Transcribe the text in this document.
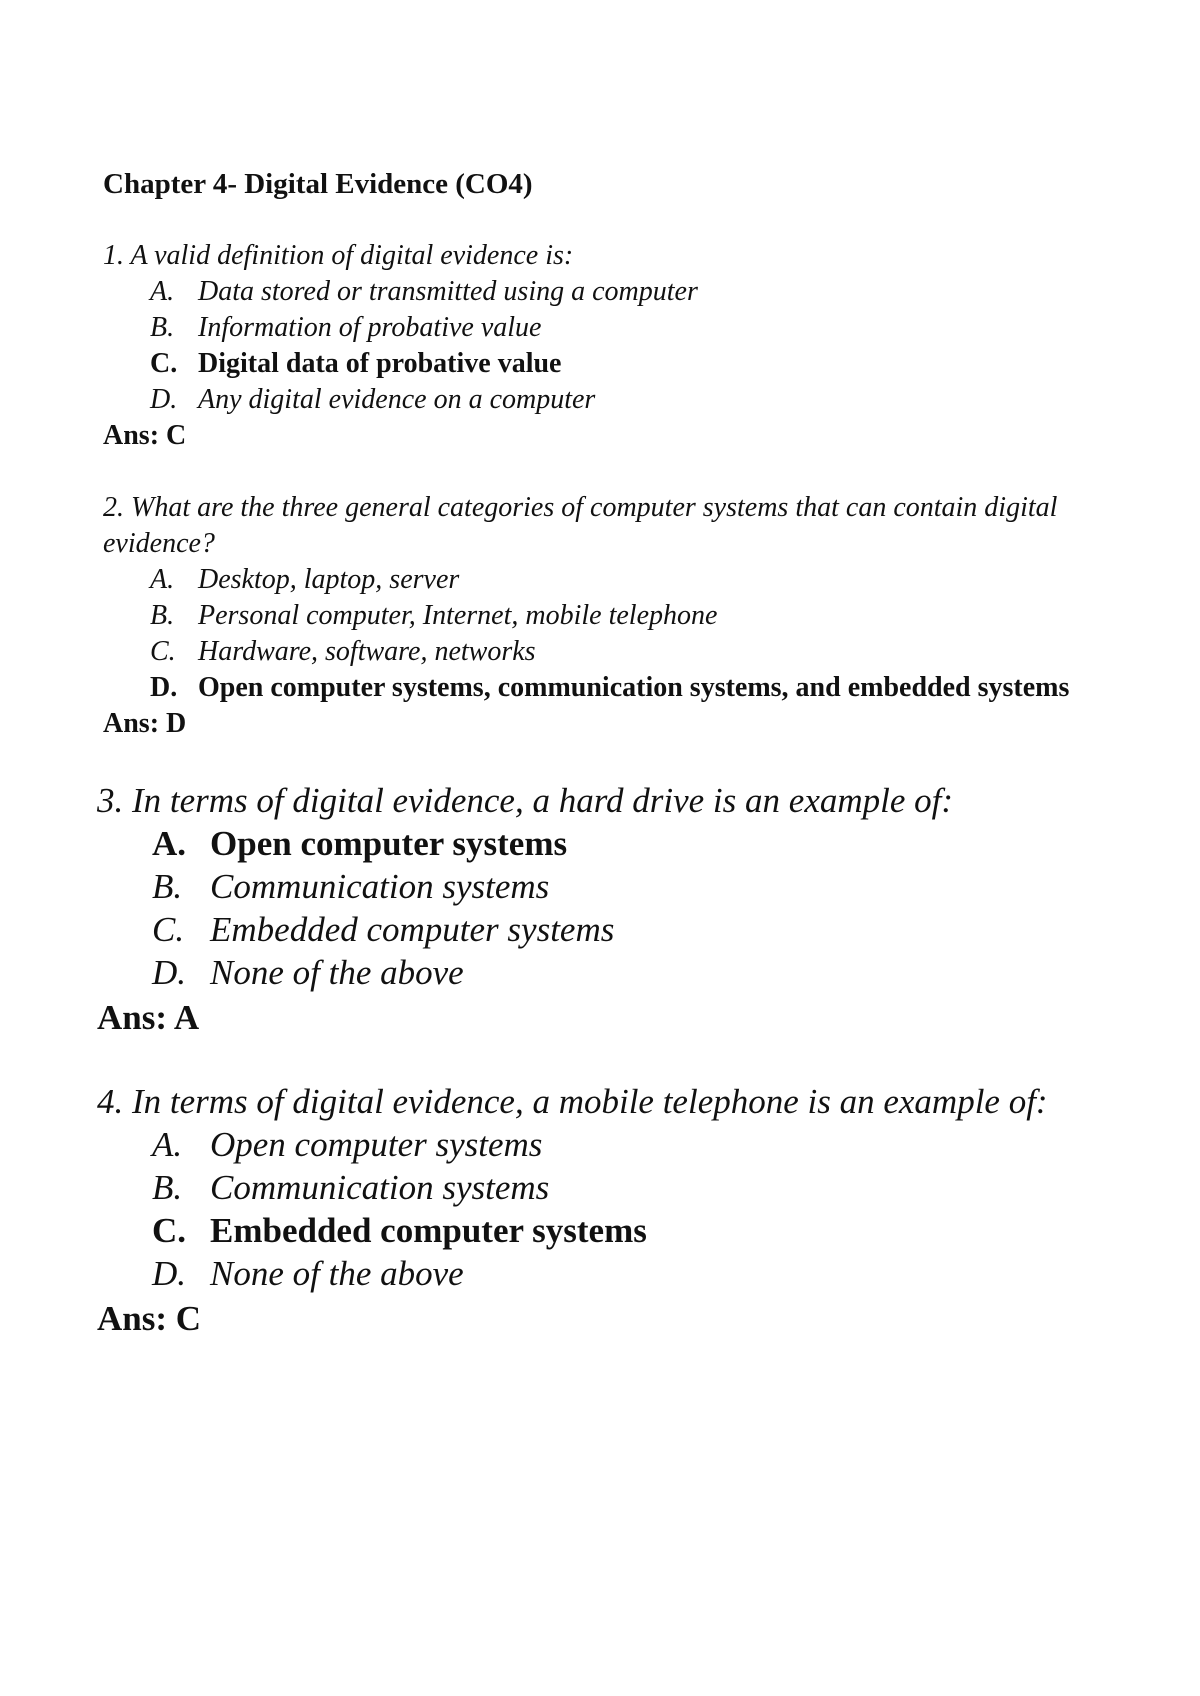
Chapter 4- Digital Evidence (CO4)
1. A valid definition of digital evidence is:
A. Data stored or transmitted using a computer
B. Information of probative value
C. Digital data of probative value
D. Any digital evidence on a computer
Ans: C
2. What are the three general categories of computer systems that can contain digital
evidence?
A. Desktop, laptop, server
B. Personal computer, Internet, mobile telephone
C. Hardware, software, networks
D. Open computer systems, communication systems, and embedded systems
Ans: D
3. In terms of digital evidence, a hard drive is an example of:
A. Open computer systems
B. Communication systems
C. Embedded computer systems
D. None of the above
Ans: A
4. In terms of digital evidence, a mobile telephone is an example of:
A. Open computer systems
B. Communication systems
C. Embedded computer systems
D. None of the above
Ans: C
